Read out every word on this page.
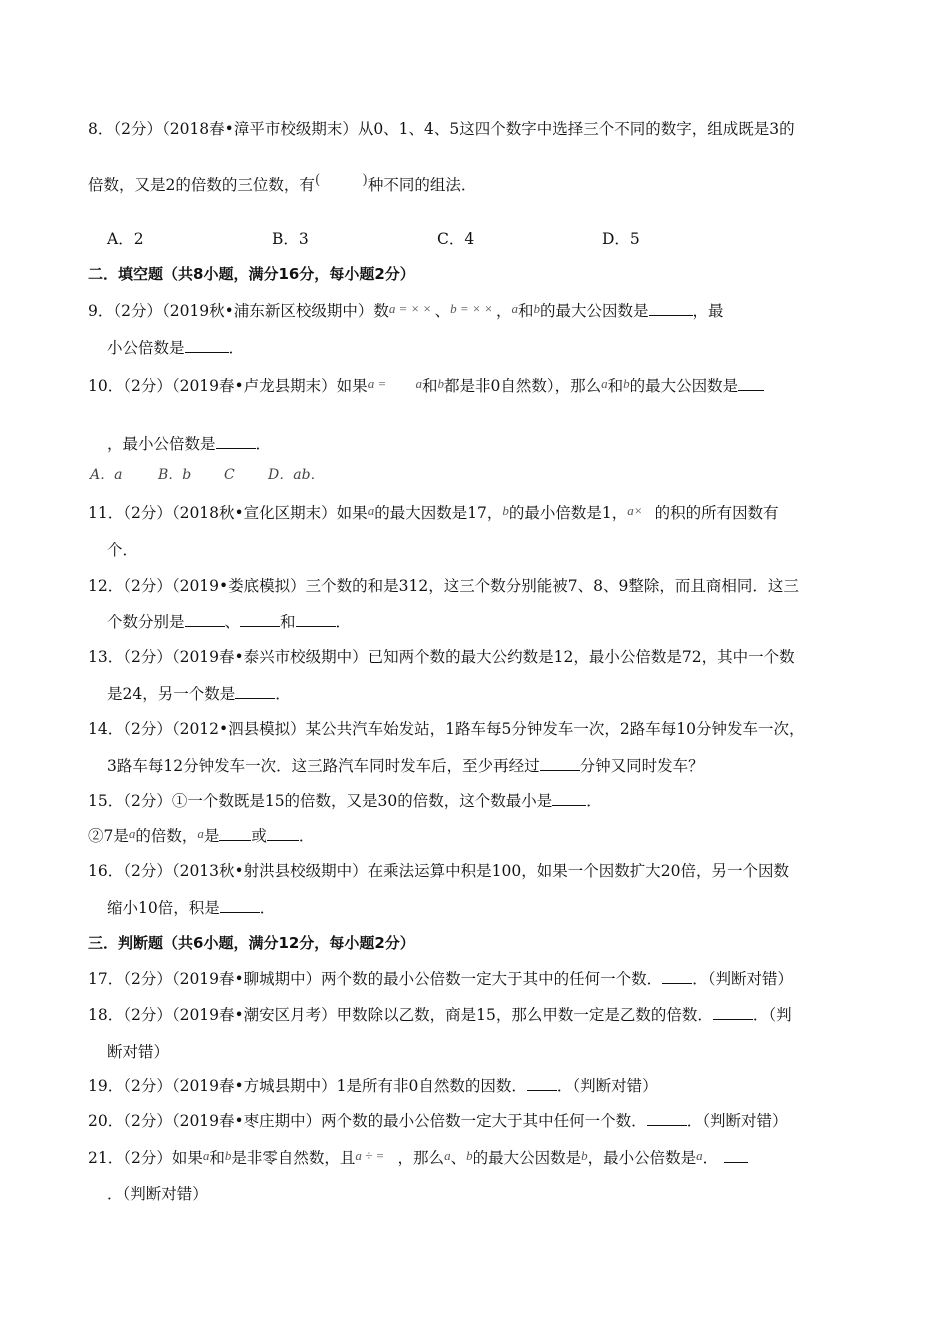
8．（2分）（2018春•漳平市校级期末）从0、1、4、5这四个数字中选择三个不同的数字，组成既是3的
倍数，又是2的倍数的三位数，有(	)种不同的组法．
A．2	B．3	C．4	D．5
二．填空题（共8小题，满分16分，每小题2分）
9．（2分）（2019秋•浦东新区校级期中）数a = × × 、b = × × ，a和b的最大公因数是	，最
小公倍数是	．
10．（2分）（2019春•卢龙县期末）如果a = a和b都是非0自然数），那么a和b的最大公因数是
，最小公倍数是	．
A．a	B．b C D．ab．
11．（2分）（2018秋•宣化区期末）如果a的最大因数是17，b的最小倍数是1，a× 的积的所有因数有
个．
12．（2分）（2019•娄底模拟）三个数的和是312，这三个数分别能被7、8、9整除，而且商相同．这三
个数分别是	、	和	．
13．（2分）（2019春•泰兴市校级期中）已知两个数的最大公约数是12，最小公倍数是72，其中一个数
是24，另一个数是	．
14．（2分）（2012•泗县模拟）某公共汽车始发站，1路车每5分钟发车一次，2路车每10分钟发车一次，
3路车每12分钟发车一次．这三路汽车同时发车后，至少再经过	分钟又同时发车？
15．（2分）①一个数既是15的倍数，又是30的倍数，这个数最小是 ．
②7是a的倍数，a是 或 ．
16．（2分）（2013秋•射洪县校级期中）在乘法运算中积是100，如果一个因数扩大20倍，另一个因数
缩小10倍，积是	．
三．判断题（共6小题，满分12分，每小题2分）
17．（2分）（2019春•聊城期中）两个数的最小公倍数一定大于其中的任何一个数． ．（判断对错）
18．（2分）（2019春•潮安区月考）甲数除以乙数，商是15，那么甲数一定是乙数的倍数．	．（判
断对错）
19．（2分）（2019春•方城县期中）1是所有非0自然数的因数． ．（判断对错）
20．（2分）（2019春•枣庄期中）两个数的最小公倍数一定大于其中任何一个数．	．（判断对错）
21．（2分）如果a和b是非零自然数，且a ÷ = ，那么a、b的最大公因数是b，最小公倍数是a．
．（判断对错）
